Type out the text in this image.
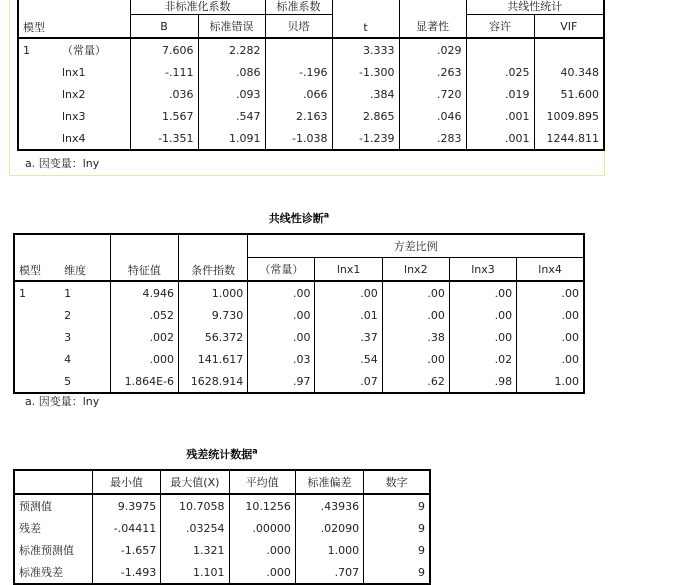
模型		非标准化系数		标准系数	t	显著性	共线性统计	
		B	标准错误	贝塔			容许	VIF
1	（常量）	7.606	2.282		3.333	.029		
	lnx1	-.111	.086	-.196	-1.300	.263	.025	40.348
	lnx2	.036	.093	.066	.384	.720	.019	51.600
	lnx3	1.567	.547	2.163	2.865	.046	.001	1009.895
	lnx4	-1.351	1.091	-1.038	-1.239	.283	.001	1244.811
a. 因变量：lny
共线性诊断$^a$
模型	维度	特征值	条件指数	方差比例				
				（常量）	lnx1	lnx2	lnx3	lnx4
1	1	4.946	1.000	.00	.00	.00	.00	.00
	2	.052	9.730	.00	.01	.00	.00	.00
	3	.002	56.372	.00	.37	.38	.00	.00
	4	.000	141.617	.03	.54	.00	.02	.00
	5	1.864E-6	1628.914	.97	.07	.62	.98	1.00
a. 因变量：lny
残差统计数据$^a$
	最小值	最大值(X)	平均值	标准偏差	数字
预测值	9.3975	10.7058	10.1256	.43936	9
残差	-.04411	.03254	.00000	.02090	9
标准预测值	-1.657	1.321	.000	1.000	9
标准残差	-1.493	1.101	.000	.707	9
